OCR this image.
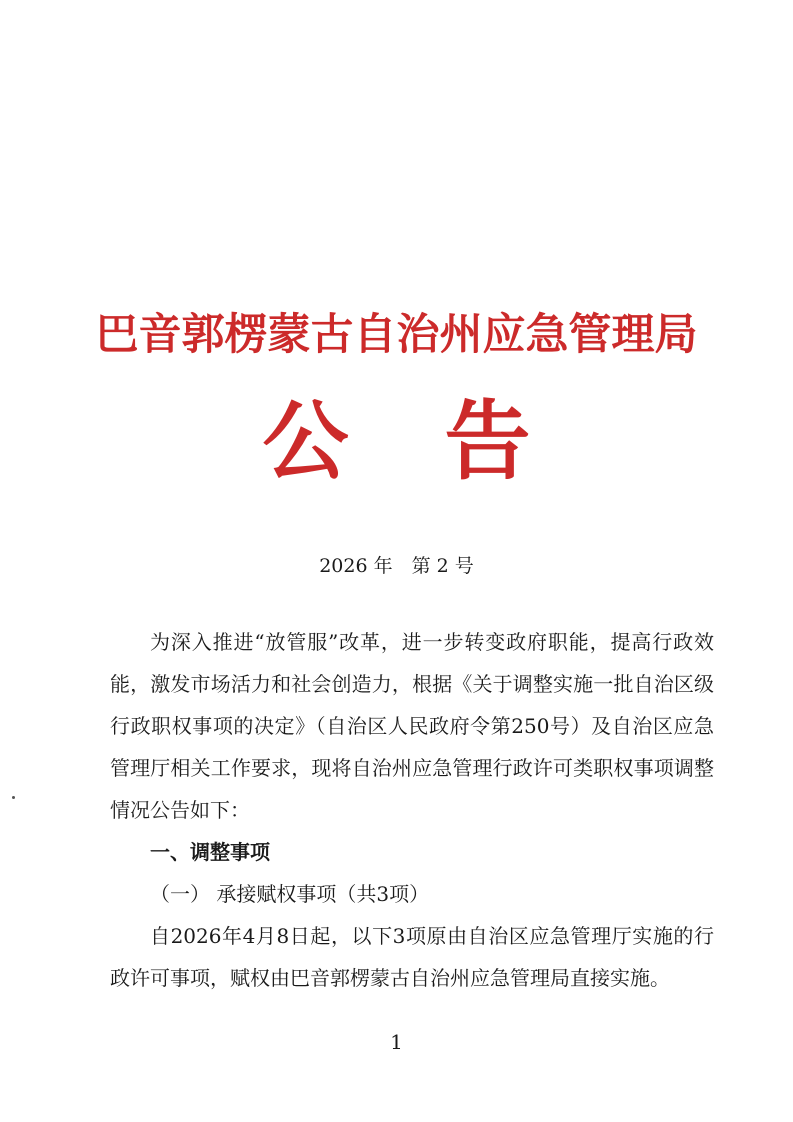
巴音郭楞蒙古自治州应急管理局
公 告
2026 年　第 2 号

为深入推进“放管服”改革，进一步转变政府职能，提高行政效能，激发市场活力和社会创造力，根据《关于调整实施一批自治区级行政职权事项的决定》（自治区人民政府令第250号）及自治区应急管理厅相关工作要求，现将自治州应急管理行政许可类职权事项调整情况公告如下：

一、调整事项

（一） 承接赋权事项（共3项）

自2026年4月8日起，以下3项原由自治区应急管理厅实施的行政许可事项，赋权由巴音郭楞蒙古自治州应急管理局直接实施。

1
